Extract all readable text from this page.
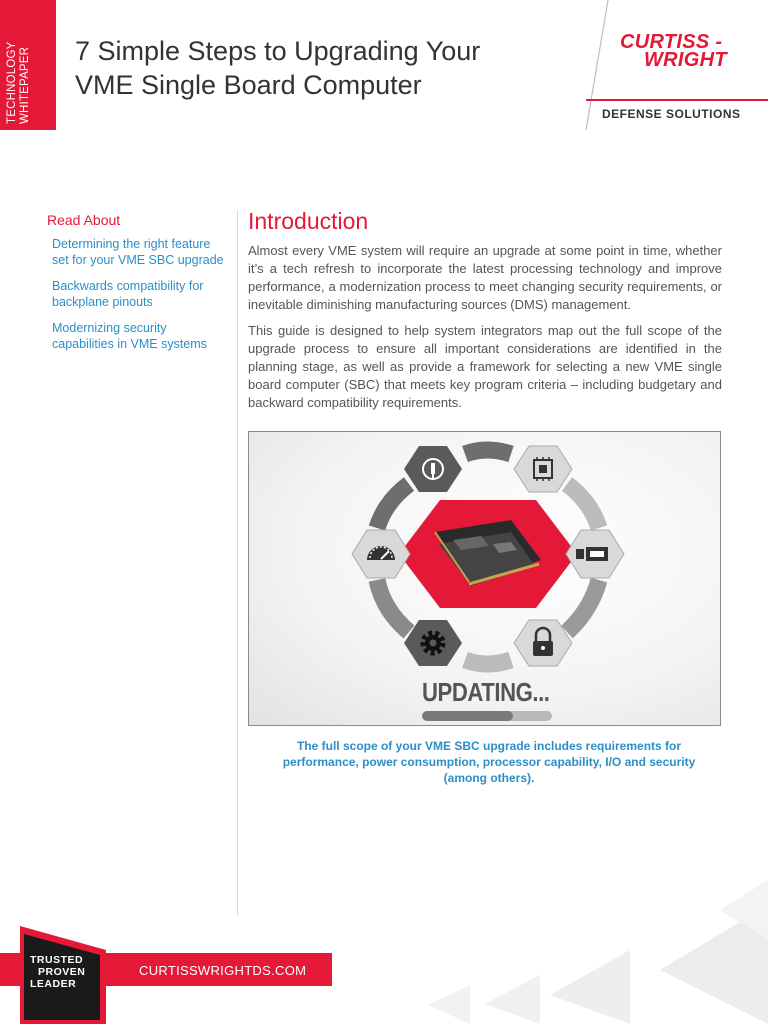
TECHNOLOGY WHITEPAPER 7 Simple Steps to Upgrading Your
VME Single Board Computer
CURTISS -
WRIGHT
DEFENSE SOLUTIONS
Read About
Determining the right feature set for your VME SBC upgrade
Backwards compatibility for backplane pinouts
Modernizing security capabilities in VME systems
Introduction

Almost every VME system will require an upgrade at some point in time, whether it’s a tech refresh to incorporate the latest processing technology and improve performance, a modernization process to meet changing security requirements, or inevitable diminishing manufacturing sources (DMS) management.

This guide is designed to help system integrators map out the full scope of the upgrade process to ensure all important considerations are identified in the planning stage, as well as provide a framework for selecting a new VME single board computer (SBC) that meets key program criteria – including budgetary and backward compatibility requirements.

UPDATING...

The full scope of your VME SBC upgrade includes requirements for performance, power consumption, processor capability, I/O and security (among others).

CURTISSWRIGHTDS.COM
TRUSTED
PROVEN
LEADER
